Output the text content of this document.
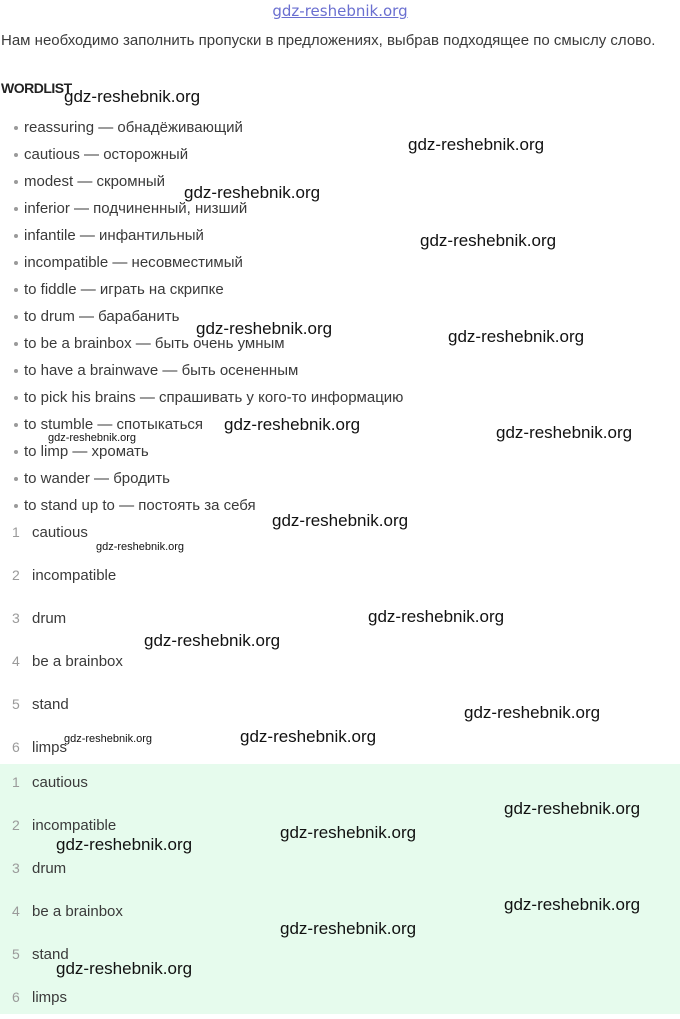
gdz-reshebnik.org
Нам необходимо заполнить пропуски в предложениях, выбрав подходящее по смыслу слово.
WORDLIST
reassuring — обнадёживающий
cautious — осторожный
modest — скромный
inferior — подчиненный, низший
infantile — инфантильный
incompatible — несовместимый
to fiddle — играть на скрипке
to drum — барабанить
to be a brainbox — быть очень умным
to have a brainwave — быть осененным
to pick his brains — спрашивать у кого-то информацию
to stumble — спотыкаться
to limp — хромать
to wander — бродить
to stand up to — постоять за себя
1 cautious
2 incompatible
3 drum
4 be a brainbox
5 stand
6 limps
1 cautious
2 incompatible
3 drum
4 be a brainbox
5 stand
6 limps
gdz-reshebnik.org
gdz-reshebnik.org
gdz-reshebnik.org
gdz-reshebnik.org
gdz-reshebnik.org	gdz-reshebnik.org
gdz-reshebnik.org
gdz-reshebnik.org	gdz-reshebnik.org
gdz-reshebnik.org
gdz-reshebnik.org
gdz-reshebnik.org
gdz-reshebnik.org
gdz-reshebnik.org
gdz-reshebnik.org	gdz-reshebnik.org
gdz-reshebnik.org
gdz-reshebnik.org
gdz-reshebnik.org
gdz-reshebnik.org
gdz-reshebnik.org
gdz-reshebnik.org
